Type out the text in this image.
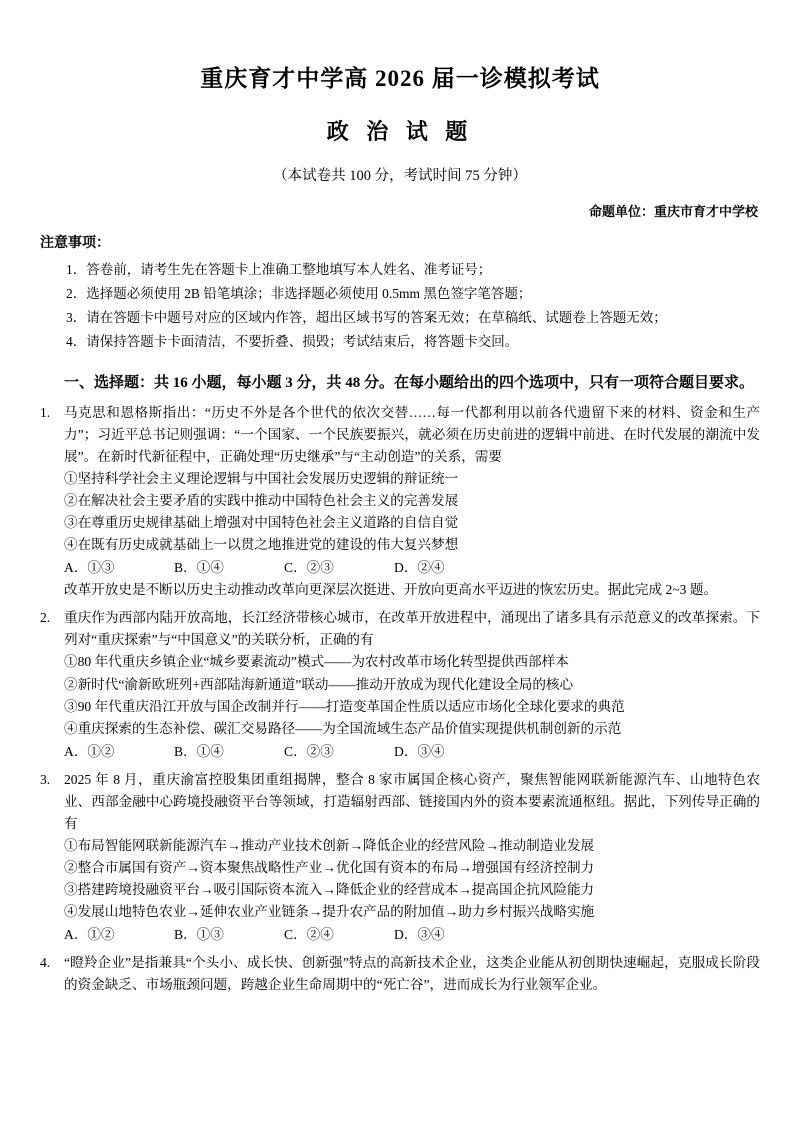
重庆育才中学高 2026 届一诊模拟考试
政 治 试 题
（本试卷共 100 分，考试时间 75 分钟）
命题单位：重庆市育才中学校
注意事项：
1．答卷前，请考生先在答题卡上准确工整地填写本人姓名、准考证号；
2．选择题必须使用 2B 铅笔填涂；非选择题必须使用 0.5mm 黑色签字笔答题；
3．请在答题卡中题号对应的区域内作答，超出区域书写的答案无效；在草稿纸、试题卷上答题无效；
4．请保持答题卡卡面清洁，不要折叠、损毁；考试结束后，将答题卡交回。
一、选择题：共 16 小题，每小题 3 分，共 48 分。在每小题给出的四个选项中，只有一项符合题目要求。
1.	马克思和恩格斯指出：“历史不外是各个世代的依次交替……每一代都利用以前各代遗留下来的材料、资金和生产力”；习近平总书记则强调：“一个国家、一个民族要振兴，就必须在历史前进的逻辑中前进、在时代发展的潮流中发展”。在新时代新征程中，正确处理“历史继承”与“主动创造”的关系，需要
①坚持科学社会主义理论逻辑与中国社会发展历史逻辑的辩证统一
②在解决社会主要矛盾的实践中推动中国特色社会主义的完善发展
③在尊重历史规律基础上增强对中国特色社会主义道路的自信自觉
④在既有历史成就基础上一以贯之地推进党的建设的伟大复兴梦想
A．①③	B．①④	C．②③	D．②④
改革开放史是不断以历史主动推动改革向更深层次挺进、开放向更高水平迈进的恢宏历史。据此完成 2~3 题。
2.	重庆作为西部内陆开放高地，长江经济带核心城市，在改革开放进程中，涌现出了诸多具有示范意义的改革探索。下列对“重庆探索”与“中国意义”的关联分析，正确的有
①80 年代重庆乡镇企业“城乡要素流动”模式——为农村改革市场化转型提供西部样本
②新时代“渝新欧班列+西部陆海新通道”联动——推动开放成为现代化建设全局的核心
③90 年代重庆沿江开放与国企改制并行——打造变革国企性质以适应市场化全球化要求的典范
④重庆探索的生态补偿、碳汇交易路径——为全国流域生态产品价值实现提供机制创新的示范
A．①②	B．①④	C．②③	D．③④
3.	2025 年 8 月，重庆渝富控股集团重组揭牌，整合 8 家市属国企核心资产，聚焦智能网联新能源汽车、山地特色农业、西部金融中心跨境投融资平台等领域，打造辐射西部、链接国内外的资本要素流通枢纽。据此，下列传导正确的有
①布局智能网联新能源汽车→推动产业技术创新→降低企业的经营风险→推动制造业发展
②整合市属国有资产→资本聚焦战略性产业→优化国有资本的布局→增强国有经济控制力
③搭建跨境投融资平台→吸引国际资本流入→降低企业的经营成本→提高国企抗风险能力
④发展山地特色农业→延伸农业产业链条→提升农产品的附加值→助力乡村振兴战略实施
A．①②	B．①③	C．②④	D．③④
4.	“瞪羚企业”是指兼具“个头小、成长快、创新强”特点的高新技术企业，这类企业能从初创期快速崛起，克服成长阶段的资金缺乏、市场瓶颈问题，跨越企业生命周期中的“死亡谷”，进而成长为行业领军企业。
